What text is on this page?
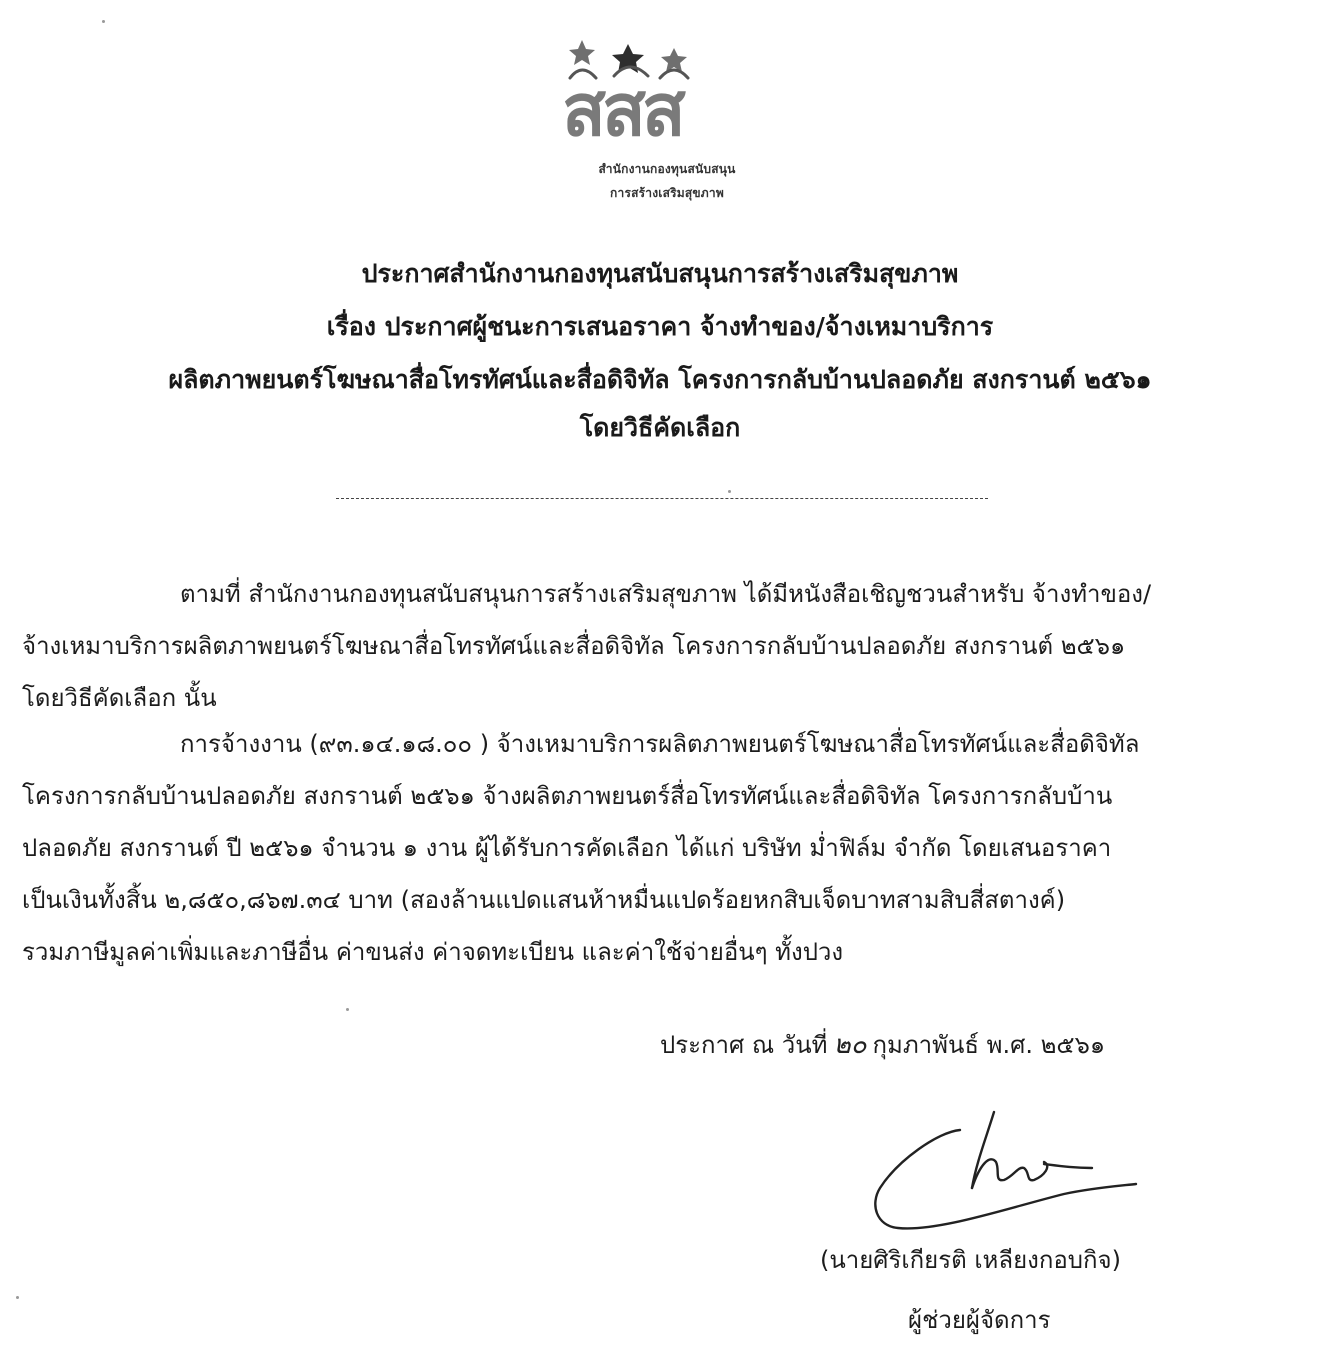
สสส
สำนักงานกองทุนสนับสนุน
การสร้างเสริมสุขภาพ
ประกาศสำนักงานกองทุนสนับสนุนการสร้างเสริมสุขภาพ
เรื่อง ประกาศผู้ชนะการเสนอราคา จ้างทำของ/จ้างเหมาบริการ
ผลิตภาพยนตร์โฆษณาสื่อโทรทัศน์และสื่อดิจิทัล โครงการกลับบ้านปลอดภัย สงกรานต์ ๒๕๖๑
โดยวิธีคัดเลือก
ตามที่ สำนักงานกองทุนสนับสนุนการสร้างเสริมสุขภาพ ได้มีหนังสือเชิญชวนสำหรับ จ้างทำของ/
จ้างเหมาบริการผลิตภาพยนตร์โฆษณาสื่อโทรทัศน์และสื่อดิจิทัล โครงการกลับบ้านปลอดภัย สงกรานต์ ๒๕๖๑
โดยวิธีคัดเลือก นั้น
การจ้างงาน (๙๓.๑๔.๑๘.๐๐ ) จ้างเหมาบริการผลิตภาพยนตร์โฆษณาสื่อโทรทัศน์และสื่อดิจิทัล
โครงการกลับบ้านปลอดภัย สงกรานต์ ๒๕๖๑ จ้างผลิตภาพยนตร์สื่อโทรทัศน์และสื่อดิจิทัล โครงการกลับบ้าน
ปลอดภัย สงกรานต์ ปี ๒๕๖๑ จำนวน ๑ งาน ผู้ได้รับการคัดเลือก ได้แก่ บริษัท ม่ำฟิล์ม จำกัด โดยเสนอราคา
เป็นเงินทั้งสิ้น ๒,๘๕๐,๘๖๗.๓๔ บาท (สองล้านแปดแสนห้าหมื่นแปดร้อยหกสิบเจ็ดบาทสามสิบสี่สตางค์)
รวมภาษีมูลค่าเพิ่มและภาษีอื่น ค่าขนส่ง ค่าจดทะเบียน และค่าใช้จ่ายอื่นๆ ทั้งปวง
ประกาศ ณ วันที่ ๒๐ กุมภาพันธ์ พ.ศ. ๒๕๖๑
(นายศิริเกียรติ เหลียงกอบกิจ)
ผู้ช่วยผู้จัดการ
